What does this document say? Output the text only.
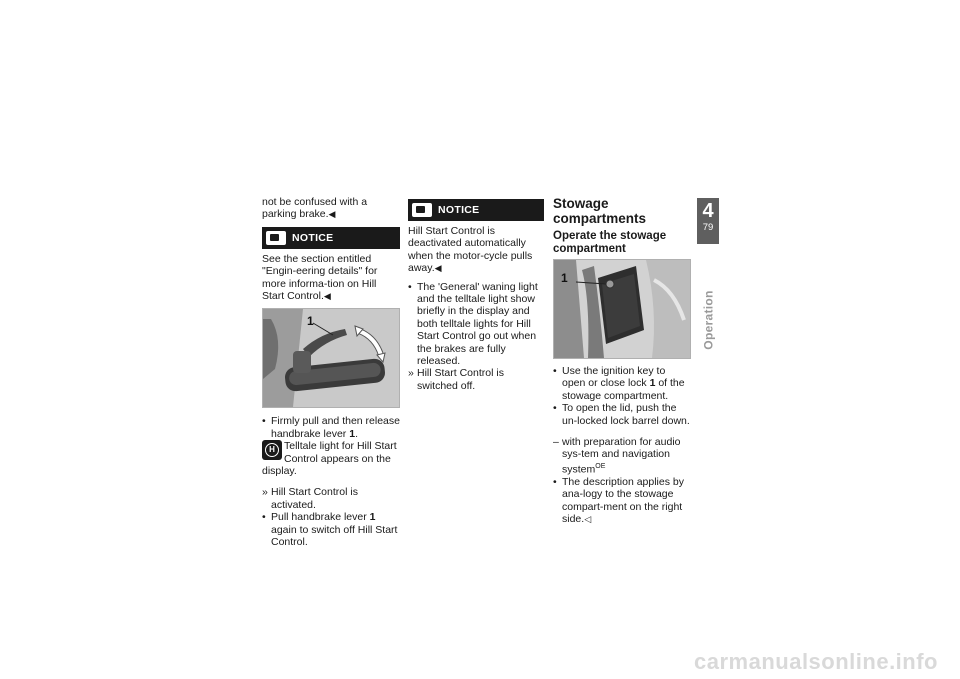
not be confused with a parking brake.◀

NOTICE

See the section entitled "Engin-eering details" for more informa-tion on Hill Start Control.◀

1
• Firmly pull and then release handbrake lever 1.
H Telltale light for Hill Start Control appears on the

display.

» Hill Start Control is activated.
• Pull handbrake lever 1 again to switch off Hill Start Control.
NOTICE

Hill Start Control is deactivated automatically when the motor-cycle pulls away.◀

• The 'General' waning light and the telltale light show briefly in the display and both telltale lights for Hill Start Control go out when the brakes are fully released.
» Hill Start Control is switched off.
Stowage compartments
Operate the stowage compartment
1
• Use the ignition key to open or close lock 1 of the stowage compartment.
• To open the lid, push the un-locked lock barrel down.
– with preparation for audio sys-tem and navigation system$^{OE}$
• The description applies by ana-logy to the stowage compart-ment on the right side.◁
4
79
Operation
carmanualsonline.info
